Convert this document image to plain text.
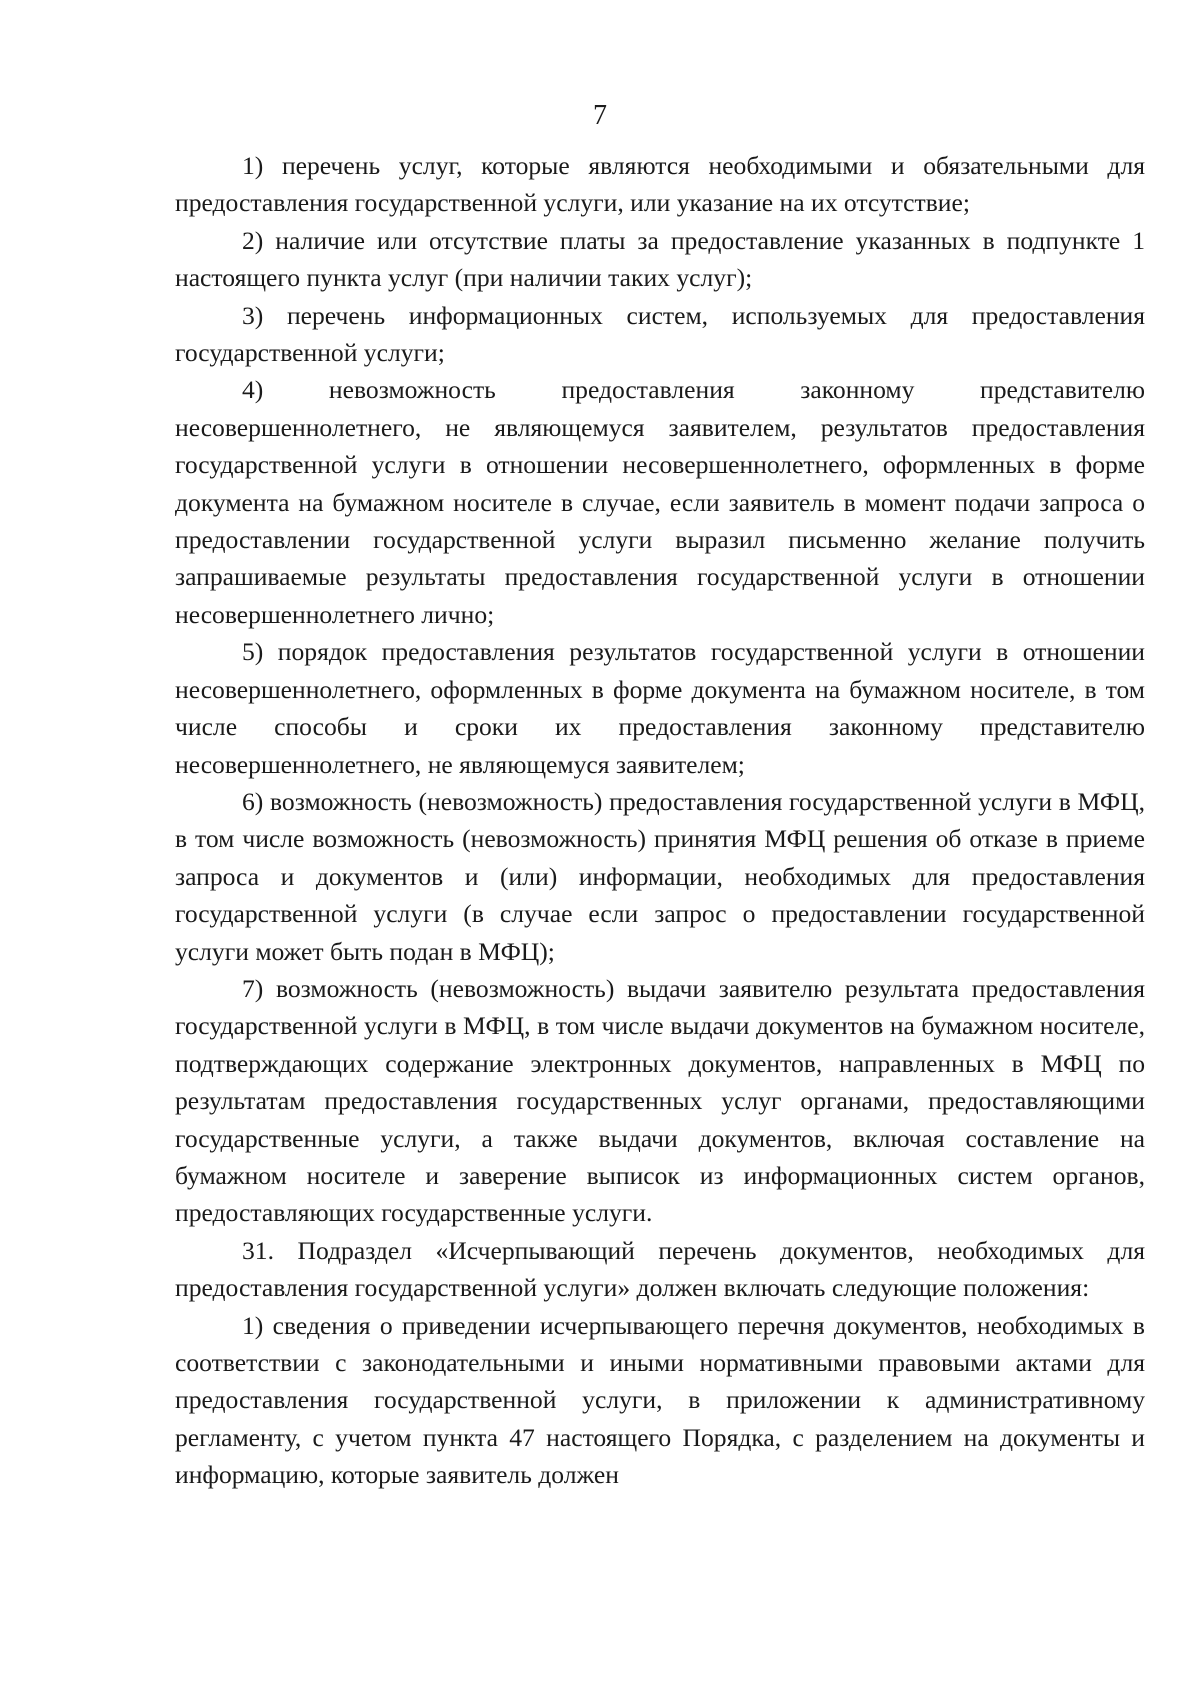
7

1) перечень услуг, которые являются необходимыми и обязательными для предоставления государственной услуги, или указание на их отсутствие;

2) наличие или отсутствие платы за предоставление указанных в подпункте 1 настоящего пункта услуг (при наличии таких услуг);

3) перечень информационных систем, используемых для предоставления государственной услуги;

4) невозможность предоставления законному представителю несовершеннолетнего, не являющемуся заявителем, результатов предоставления государственной услуги в отношении несовершеннолетнего, оформленных в форме документа на бумажном носителе в случае, если заявитель в момент подачи запроса о предоставлении государственной услуги выразил письменно желание получить запрашиваемые результаты предоставления государственной услуги в отношении несовершеннолетнего лично;

5) порядок предоставления результатов государственной услуги в отношении несовершеннолетнего, оформленных в форме документа на бумажном носителе, в том числе способы и сроки их предоставления законному представителю несовершеннолетнего, не являющемуся заявителем;

6) возможность (невозможность) предоставления государственной услуги в МФЦ, в том числе возможность (невозможность) принятия МФЦ решения об отказе в приеме запроса и документов и (или) информации, необходимых для предоставления государственной услуги (в случае если запрос о предоставлении государственной услуги может быть подан в МФЦ);

7) возможность (невозможность) выдачи заявителю результата предоставления государственной услуги в МФЦ, в том числе выдачи документов на бумажном носителе, подтверждающих содержание электронных документов, направленных в МФЦ по результатам предоставления государственных услуг органами, предоставляющими государственные услуги, а также выдачи документов, включая составление на бумажном носителе и заверение выписок из информационных систем органов, предоставляющих государственные услуги.

31. Подраздел «Исчерпывающий перечень документов, необходимых для предоставления государственной услуги» должен включать следующие положения:

1) сведения о приведении исчерпывающего перечня документов, необходимых в соответствии с законодательными и иными нормативными правовыми актами для предоставления государственной услуги, в приложении к административному регламенту, с учетом пункта 47 настоящего Порядка, с разделением на документы и информацию, которые заявитель должен
